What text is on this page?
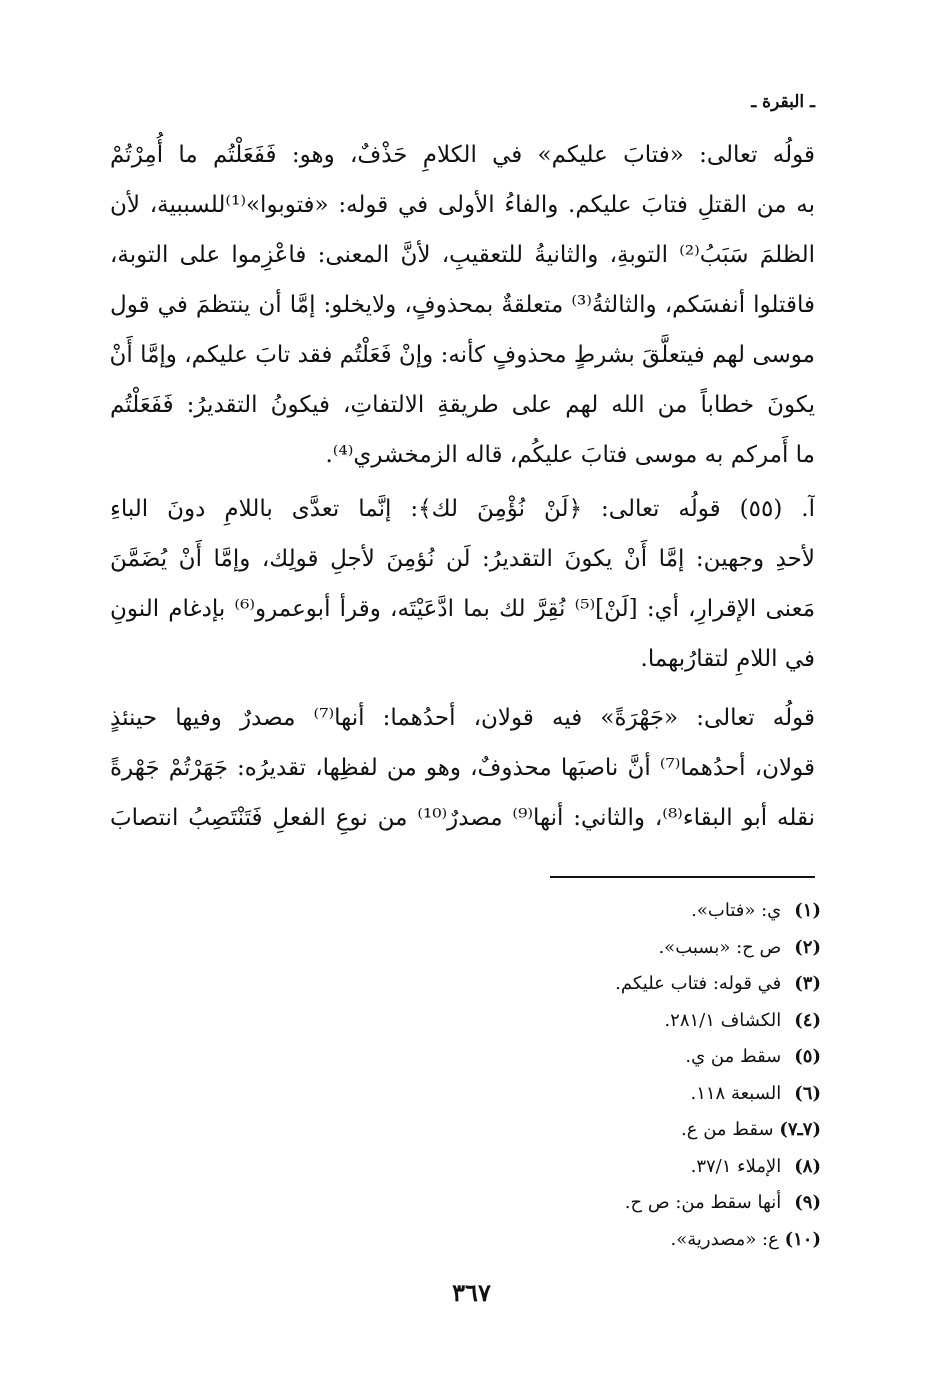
ـ البقرة ـ
قولُه تعالى: «فتابَ عليكم» في الكلامِ حَذْفٌ، وهو: فَفَعَلْتُم ما أُمِرْتُمْ
به من القتلِ فتابَ عليكم. والفاءُ الأولى في قوله: «فتوبوا»⁽¹⁾للسببية، لأن
الظلمَ سَبَبُ⁽²⁾ التوبةِ، والثانيةُ للتعقيبِ، لأنَّ المعنى: فاعْزِموا على التوبة،
فاقتلوا أنفسَكم، والثالثةُ⁽³⁾ متعلقةٌ بمحذوفٍ، ولايخلو: إمَّا أن ينتظمَ في قول
موسى لهم فيتعلَّقَ بشرطٍ محذوفٍ كأنه: وإنْ فَعَلْتُم فقد تابَ عليكم، وإمَّا أَنْ
يكونَ خطاباً من الله لهم على طريقةِ الالتفاتِ، فيكونُ التقديرُ: فَفَعَلْتُم
ما أَمركم به موسى فتابَ عليكُم، قاله الزمخشري⁽⁴⁾.
آ. (٥٥) قولُه تعالى: ﴿لَنْ نُؤْمِنَ لك﴾: إنَّما تعدَّى باللامِ دونَ الباءِ
لأحدِ وجهين: إمَّا أَنْ يكونَ التقديرُ: لَن نُؤمِنَ لأجلِ قولِك، وإمَّا أَنْ يُضَمَّنَ
مَعنى الإقرارِ، أي: [لَنْ]⁽⁵⁾ نُقِرَّ لك بما ادَّعَيْتَه، وقرأ أبوعمرو⁽⁶⁾ بإدغام النونِ
في اللامِ لتقارُبهما.
قولُه تعالى: «جَهْرَةً» فيه قولان، أحدُهما: أنها⁽⁷⁾ مصدرٌ وفيها حينئذٍ
قولان، أحدُهما⁽⁷⁾ أنَّ ناصبَها محذوفٌ، وهو من لفظِها، تقديرُه: جَهَرْتُمْ جَهْرةً
نقله أبو البقاء⁽⁸⁾، والثاني: أنها⁽⁹⁾ مصدرٌ⁽¹⁰⁾ من نوعِ الفعلِ فَتَنْتَصِبُ انتصابَ
(١) ي: «فتاب».
(٢) ص ح: «بسبب».
(٣) في قوله: فتاب عليكم.
(٤) الكشاف ٢٨١/١.
(٥) سقط من ي.
(٦) السبعة ١١٨.
(٧ـ٧) سقط من ع.
(٨) الإملاء ٣٧/١.
(٩) أنها سقط من: ص ح.
(١٠) ع: «مصدرية».
٣٦٧
